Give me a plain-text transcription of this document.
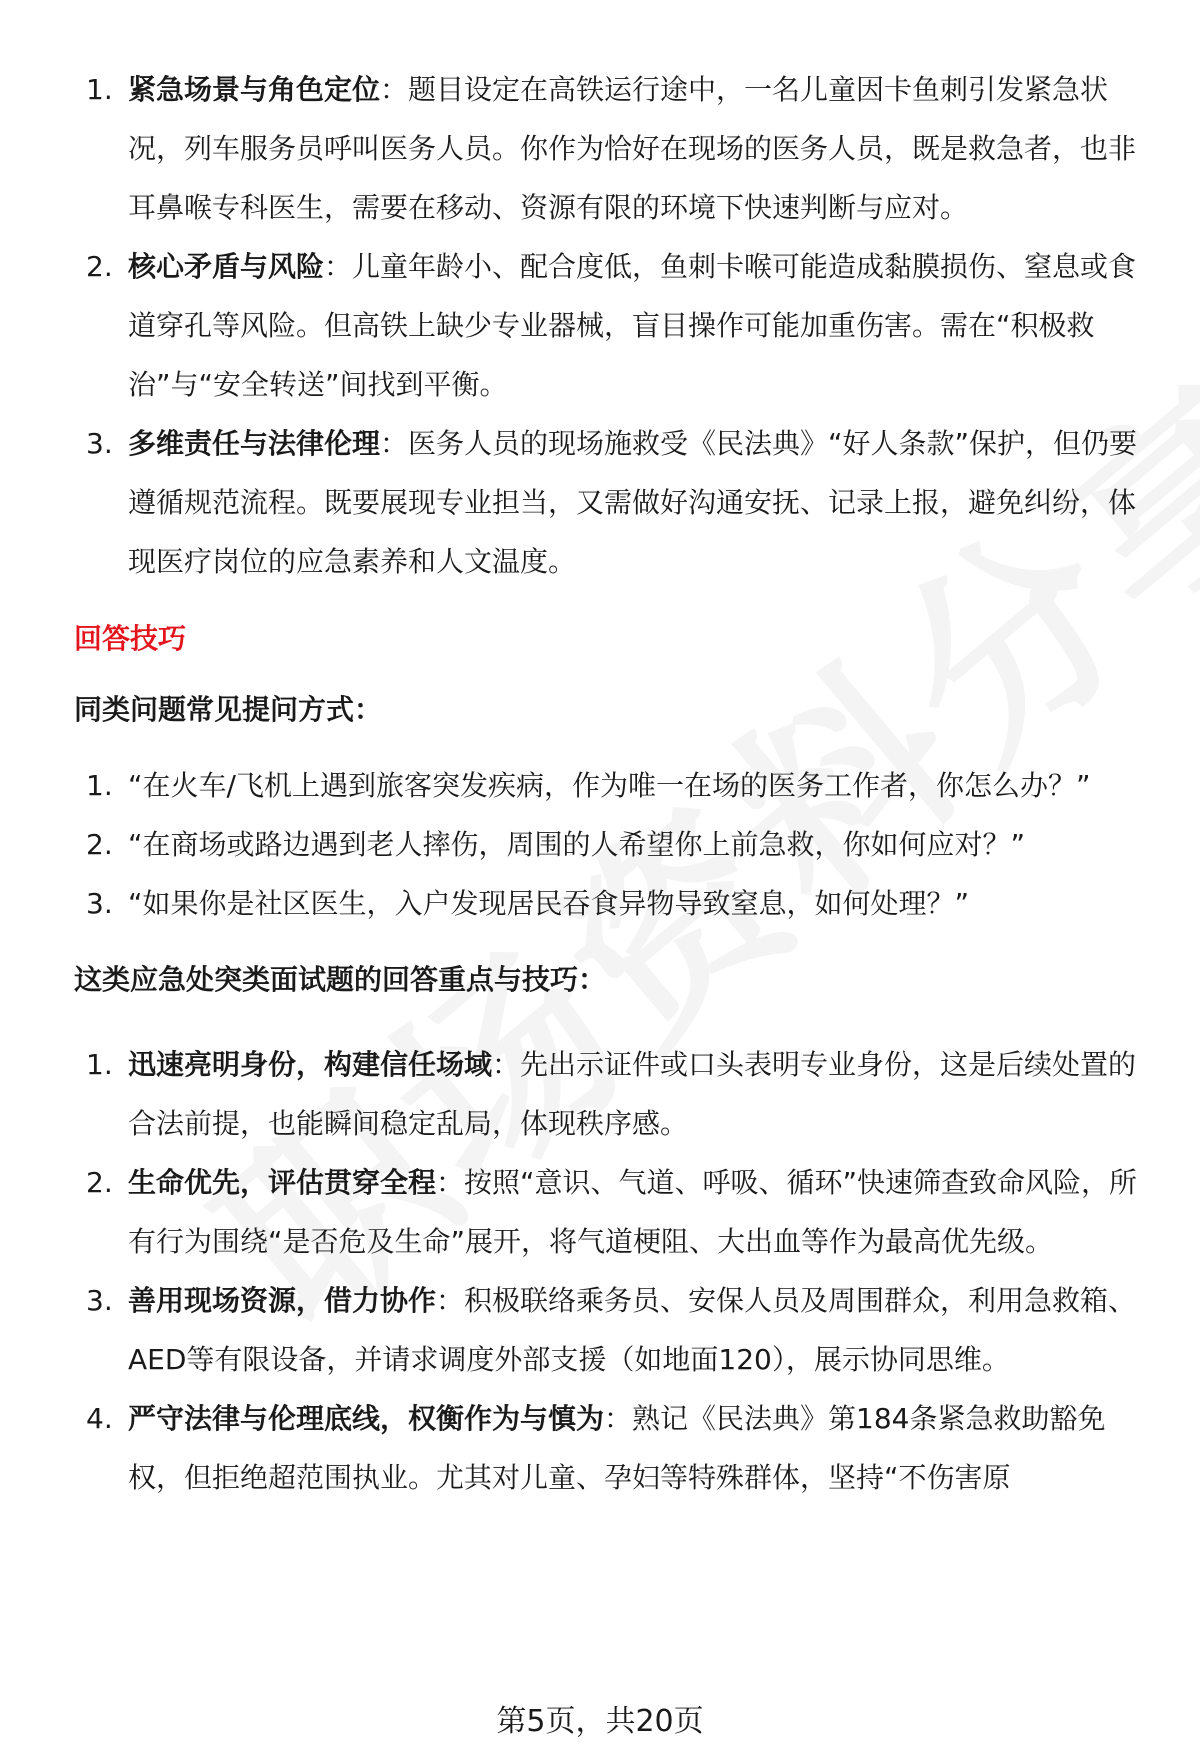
1. 紧急场景与角色定位：题目设定在高铁运行途中，一名儿童因卡鱼刺引发紧急状况，列车服务员呼叫医务人员。你作为恰好在现场的医务人员，既是救急者，也非耳鼻喉专科医生，需要在移动、资源有限的环境下快速判断与应对。
2. 核心矛盾与风险：儿童年龄小、配合度低，鱼刺卡喉可能造成黏膜损伤、窒息或食道穿孔等风险。但高铁上缺少专业器械，盲目操作可能加重伤害。需在“积极救治”与“安全转送”间找到平衡。
3. 多维责任与法律伦理：医务人员的现场施救受《民法典》“好人条款”保护，但仍要遵循规范流程。既要展现专业担当，又需做好沟通安抚、记录上报，避免纠纷，体现医疗岗位的应急素养和人文温度。
回答技巧
同类问题常见提问方式：
1. “在火车/飞机上遇到旅客突发疾病，作为唯一在场的医务工作者，你怎么办？”
2. “在商场或路边遇到老人摔伤，周围的人希望你上前急救，你如何应对？”
3. “如果你是社区医生，入户发现居民吞食异物导致窒息，如何处理？”
这类应急处突类面试题的回答重点与技巧：
1. 迅速亮明身份，构建信任场域：先出示证件或口头表明专业身份，这是后续处置的合法前提，也能瞬间稳定乱局，体现秩序感。
2. 生命优先，评估贯穿全程：按照“意识、气道、呼吸、循环”快速筛查致命风险，所有行为围绕“是否危及生命”展开，将气道梗阻、大出血等作为最高优先级。
3. 善用现场资源，借力协作：积极联络乘务员、安保人员及周围群众，利用急救箱、AED等有限设备，并请求调度外部支援（如地面120），展示协同思维。
4. 严守法律与伦理底线，权衡作为与慎为：熟记《民法典》第184条紧急救助豁免权，但拒绝超范围执业。尤其对儿童、孕妇等特殊群体，坚持“不伤害原
第5页，共20页
